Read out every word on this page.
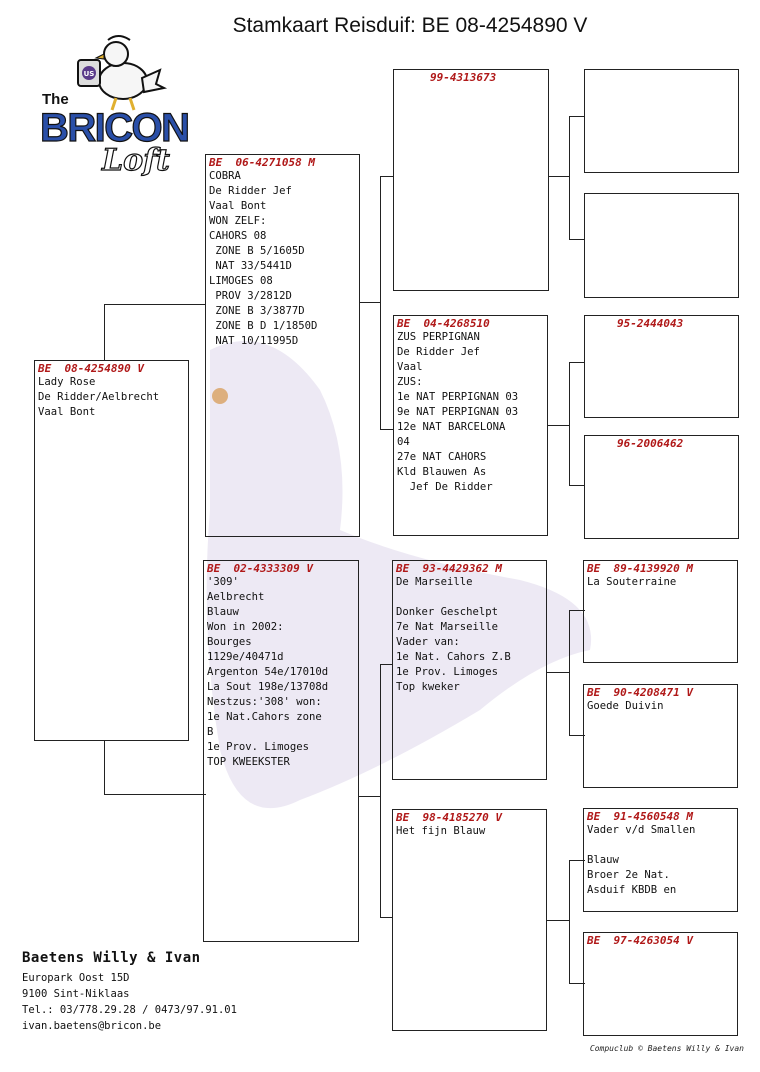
Stamkaart Reisduif: BE 08-4254890 V
US
The
BRICON
Loft
BE  08-4254890 V
Lady Rose
De Ridder/Aelbrecht
Vaal Bont
BE  06-4271058 M
COBRA
De Ridder Jef
Vaal Bont
WON ZELF:
CAHORS 08
ZONE B 5/1605D
NAT 33/5441D
LIMOGES 08
PROV 3/2812D
ZONE B 3/3877D
ZONE B D 1/1850D
NAT 10/11995D
BE  02-4333309 V
'309'
Aelbrecht
Blauw
Won in 2002:
Bourges
1129e/40471d
Argenton 54e/17010d
La Sout 198e/13708d
Nestzus:'308' won:
1e Nat.Cahors zone
B
1e Prov. Limoges
TOP KWEEKSTER
99-4313673
BE  04-4268510
ZUS PERPIGNAN
De Ridder Jef
Vaal
ZUS:
1e NAT PERPIGNAN 03
9e NAT PERPIGNAN 03
12e NAT BARCELONA
04
27e NAT CAHORS
Kld Blauwen As
Jef De Ridder
BE  93-4429362 M
De Marseille
Donker Geschelpt
7e Nat Marseille
Vader van:
1e Nat. Cahors Z.B
1e Prov. Limoges
Top kweker
BE  98-4185270 V
Het fijn Blauw
95-2444043
96-2006462
BE  89-4139920 M
La Souterraine
BE  90-4208471 V
Goede Duivin
BE  91-4560548 M
Vader v/d Smallen
Blauw
Broer 2e Nat.
Asduif KBDB en
BE  97-4263054 V
Baetens Willy & Ivan
Europark Oost 15D
9100 Sint-Niklaas
Tel.: 03/778.29.28 / 0473/97.91.01
ivan.baetens@bricon.be
Compuclub © Baetens Willy & Ivan
